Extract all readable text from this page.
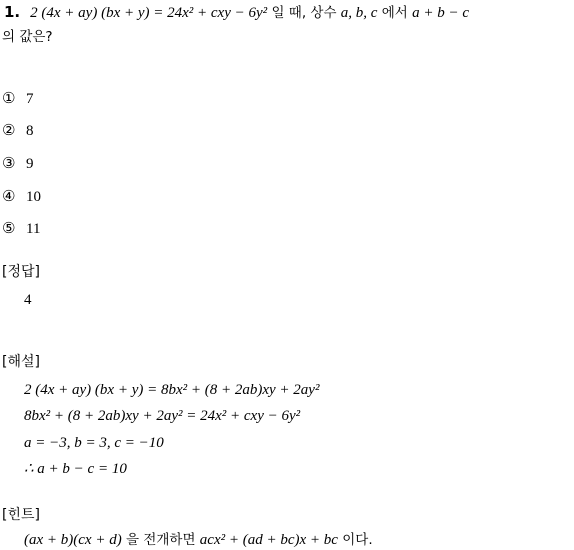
1. 2 (4x + ay) (bx + y) = 24x² + cxy − 6y² 일 때, 상수 a, b, c 에서 a + b − c
의 값은?
① 7
② 8
③ 9
④ 10
⑤ 11
[정답]
4
[해설]
2 (4x + ay) (bx + y) = 8bx² + (8 + 2ab)xy + 2ay²
8bx² + (8 + 2ab)xy + 2ay² = 24x² + cxy − 6y²
a = −3, b = 3, c = −10
∴ a + b − c = 10
[힌트]
(ax + b)(cx + d) 을 전개하면 acx² + (ad + bc)x + bc 이다.
